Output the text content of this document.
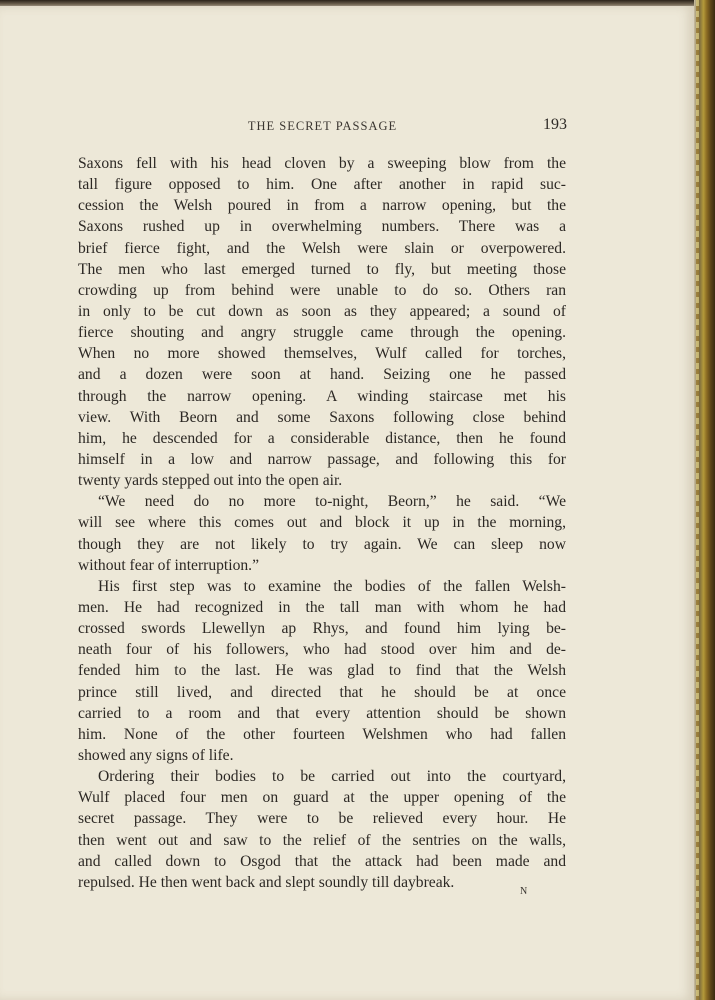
THE SECRET PASSAGE	193
Saxons fell with his head cloven by a sweeping blow from the
tall figure opposed to him. One after another in rapid suc-
cession the Welsh poured in from a narrow opening, but the
Saxons rushed up in overwhelming numbers. There was a
brief fierce fight, and the Welsh were slain or overpowered.
The men who last emerged turned to fly, but meeting those
crowding up from behind were unable to do so. Others ran
in only to be cut down as soon as they appeared; a sound of
fierce shouting and angry struggle came through the opening.
When no more showed themselves, Wulf called for torches,
and a dozen were soon at hand. Seizing one he passed
through the narrow opening. A winding staircase met his
view. With Beorn and some Saxons following close behind
him, he descended for a considerable distance, then he found
himself in a low and narrow passage, and following this for
twenty yards stepped out into the open air.
“We need do no more to-night, Beorn,” he said. “We
will see where this comes out and block it up in the morning,
though they are not likely to try again. We can sleep now
without fear of interruption.”
His first step was to examine the bodies of the fallen Welsh-
men. He had recognized in the tall man with whom he had
crossed swords Llewellyn ap Rhys, and found him lying be-
neath four of his followers, who had stood over him and de-
fended him to the last. He was glad to find that the Welsh
prince still lived, and directed that he should be at once
carried to a room and that every attention should be shown
him. None of the other fourteen Welshmen who had fallen
showed any signs of life.
Ordering their bodies to be carried out into the courtyard,
Wulf placed four men on guard at the upper opening of the
secret passage. They were to be relieved every hour. He
then went out and saw to the relief of the sentries on the walls,
and called down to Osgod that the attack had been made and
repulsed. He then went back and slept soundly till daybreak.
N
